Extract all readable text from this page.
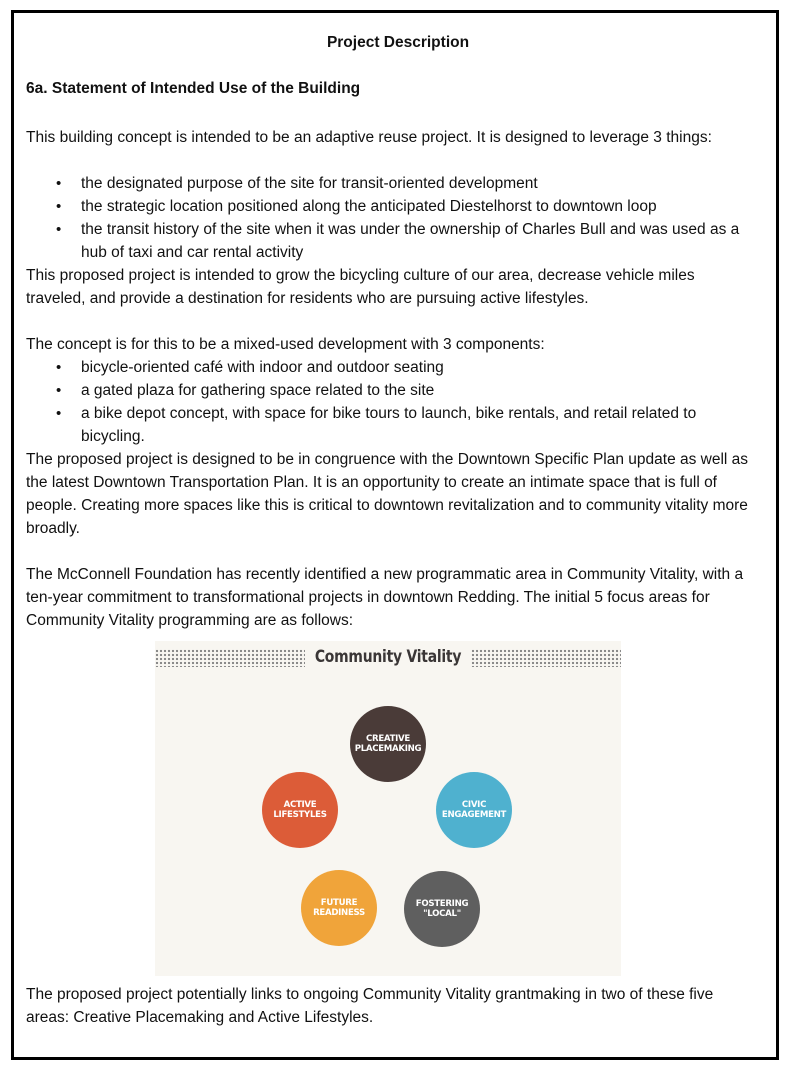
Project Description
6a. Statement of Intended Use of the Building

This building concept is intended to be an adaptive reuse project. It is designed to leverage 3 things:

• the designated purpose of the site for transit-oriented development
• the strategic location positioned along the anticipated Diestelhorst to downtown loop
• the transit history of the site when it was under the ownership of Charles Bull and was used as a hub of taxi and car rental activity

This proposed project is intended to grow the bicycling culture of our area, decrease vehicle miles traveled, and provide a destination for residents who are pursuing active lifestyles.

The concept is for this to be a mixed-used development with 3 components:

• bicycle-oriented café with indoor and outdoor seating
• a gated plaza for gathering space related to the site
• a bike depot concept, with space for bike tours to launch, bike rentals, and retail related to bicycling.

The proposed project is designed to be in congruence with the Downtown Specific Plan update as well as the latest Downtown Transportation Plan. It is an opportunity to create an intimate space that is full of people. Creating more spaces like this is critical to downtown revitalization and to community vitality more broadly.

The McConnell Foundation has recently identified a new programmatic area in Community Vitality, with a ten-year commitment to transformational projects in downtown Redding. The initial 5 focus areas for Community Vitality programming are as follows:

Community Vitality
CREATIVE
PLACEMAKING
CIVIC
ENGAGEMENT
FOSTERING
"LOCAL"
FUTURE
READINESS
ACTIVE
LIFESTYLES

The proposed project potentially links to ongoing Community Vitality grantmaking in two of these five areas: Creative Placemaking and Active Lifestyles.
